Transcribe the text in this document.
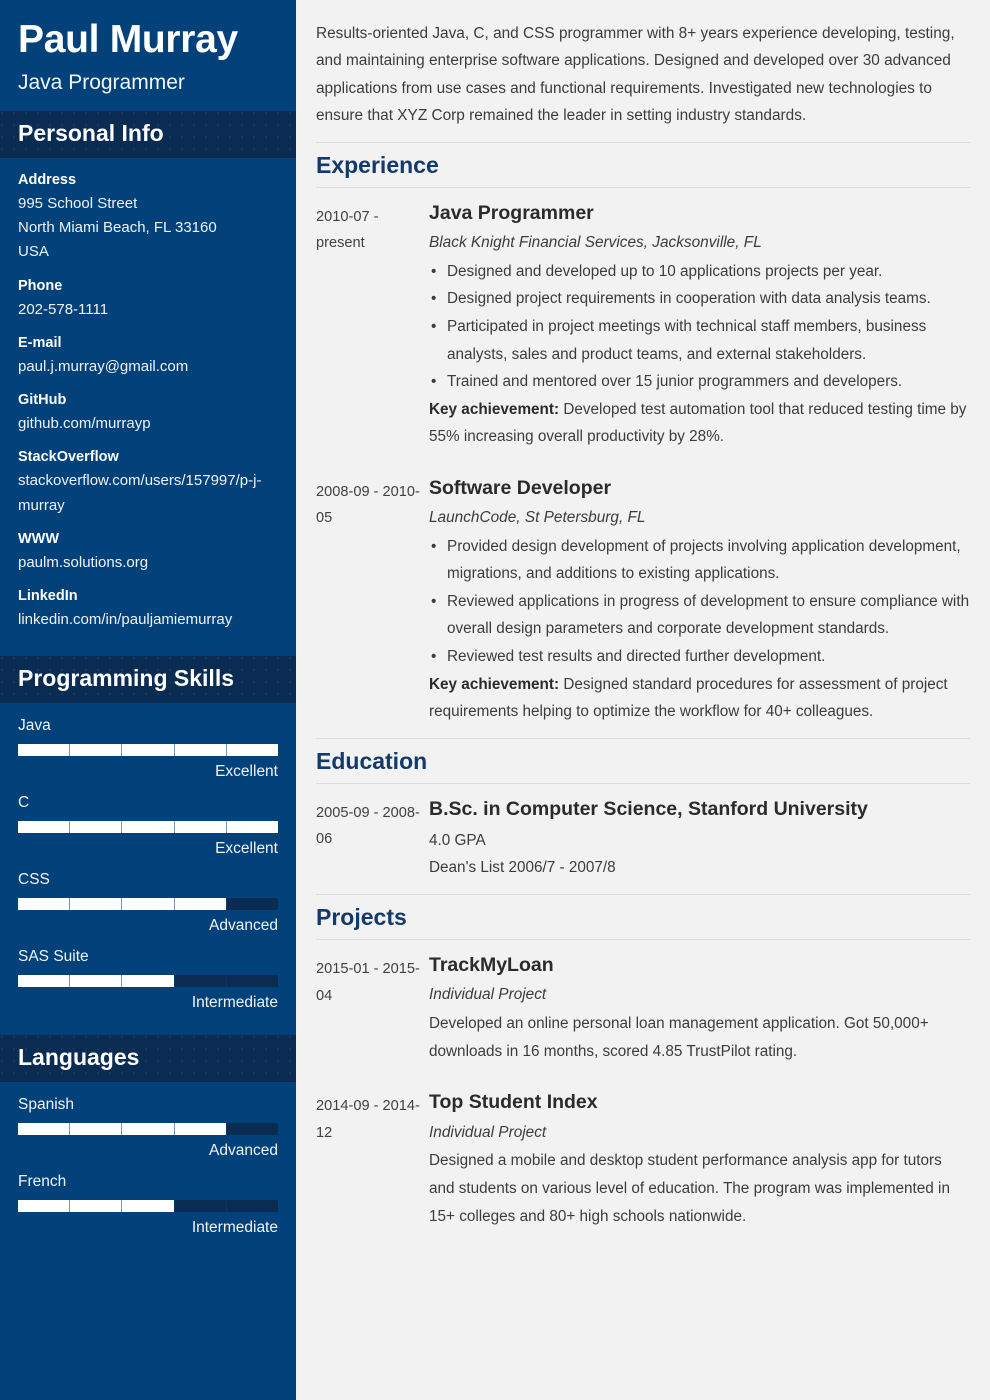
Paul Murray
Java Programmer
Personal Info
Address
995 School Street
North Miami Beach, FL 33160
USA
Phone
202-578-1111
E-mail
paul.j.murray@gmail.com
GitHub
github.com/murrayp
StackOverflow
stackoverflow.com/users/157997/p-j-murray
WWW
paulm.solutions.org
LinkedIn
linkedin.com/in/pauljamiemurray
Programming Skills
Java
Excellent
C
Excellent
CSS
Advanced
SAS Suite
Intermediate
Languages
Spanish
Advanced
French
Intermediate
Results-oriented Java, C, and CSS programmer with 8+ years experience developing, testing, and maintaining enterprise software applications. Designed and developed over 30 advanced applications from use cases and functional requirements. Investigated new technologies to ensure that XYZ Corp remained the leader in setting industry standards.
Experience
2010-07 - present
Java Programmer
Black Knight Financial Services, Jacksonville, FL
• Designed and developed up to 10 applications projects per year.
• Designed project requirements in cooperation with data analysis teams.
• Participated in project meetings with technical staff members, business analysts, sales and product teams, and external stakeholders.
• Trained and mentored over 15 junior programmers and developers.
Key achievement: Developed test automation tool that reduced testing time by 55% increasing overall productivity by 28%.
2008-09 - 2010-05
Software Developer
LaunchCode, St Petersburg, FL
• Provided design development of projects involving application development, migrations, and additions to existing applications.
• Reviewed applications in progress of development to ensure compliance with overall design parameters and corporate development standards.
• Reviewed test results and directed further development.
Key achievement: Designed standard procedures for assessment of project requirements helping to optimize the workflow for 40+ colleagues.
Education
2005-09 - 2008-06
B.Sc. in Computer Science, Stanford University
4.0 GPA
Dean's List 2006/7 - 2007/8
Projects
2015-01 - 2015-04
TrackMyLoan
Individual Project
Developed an online personal loan management application. Got 50,000+ downloads in 16 months, scored 4.85 TrustPilot rating.
2014-09 - 2014-12
Top Student Index
Individual Project
Designed a mobile and desktop student performance analysis app for tutors and students on various level of education. The program was implemented in 15+ colleges and 80+ high schools nationwide.
